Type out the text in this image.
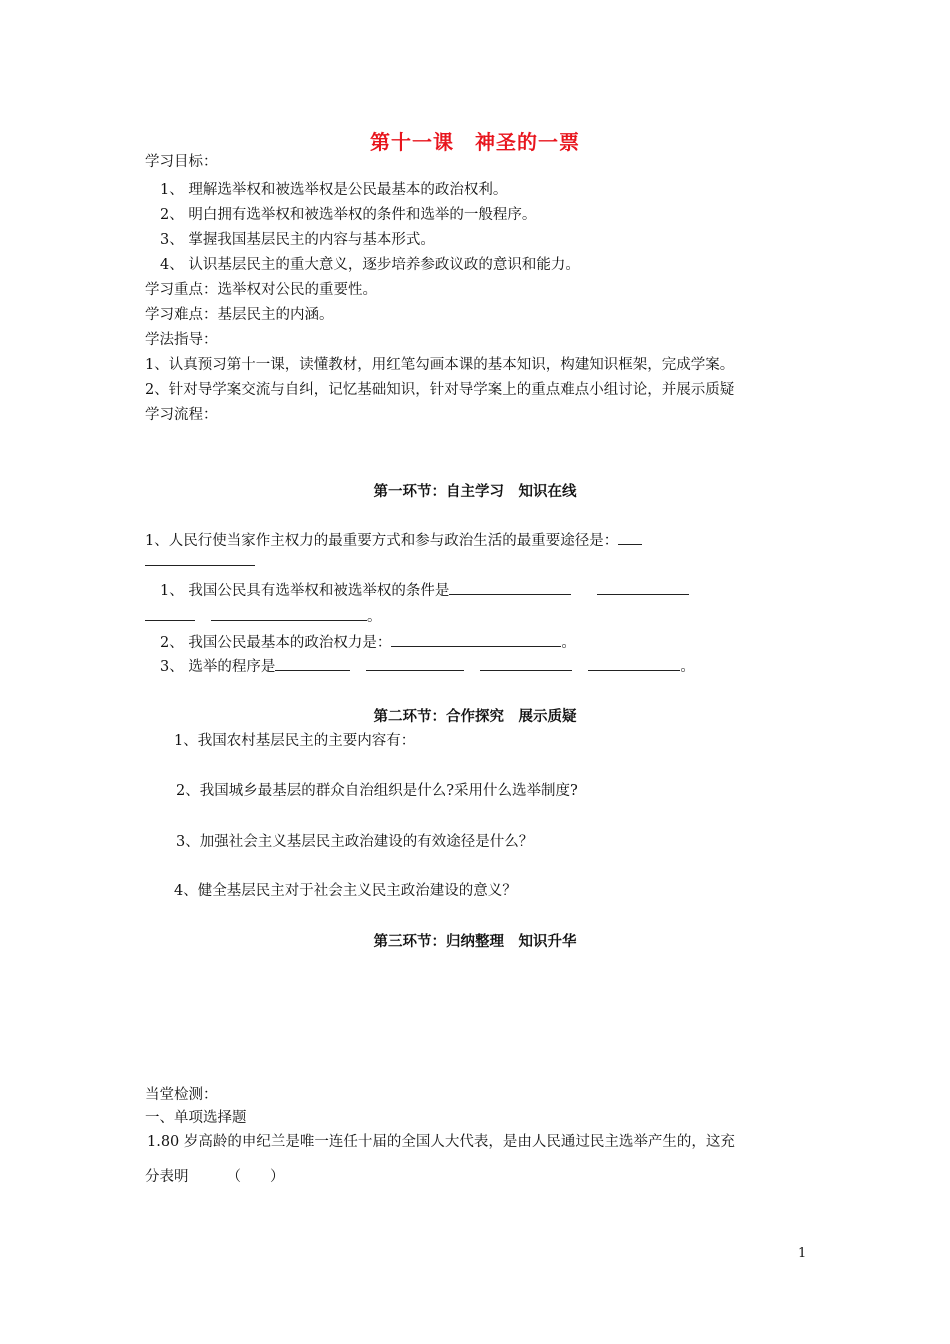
第十一课　神圣的一票
学习目标：
1、 理解选举权和被选举权是公民最基本的政治权利。
2、 明白拥有选举权和被选举权的条件和选举的一般程序。
3、 掌握我国基层民主的内容与基本形式。
4、 认识基层民主的重大意义，逐步培养参政议政的意识和能力。
学习重点：选举权对公民的重要性。
学习难点：基层民主的内涵。
学法指导：
1、认真预习第十一课，读懂教材，用红笔勾画本课的基本知识，构建知识框架，完成学案。
2、针对导学案交流与自纠，记忆基础知识，针对导学案上的重点难点小组讨论，并展示质疑
学习流程：
第一环节：自主学习　知识在线
1、人民行使当家作主权力的最重要方式和参与政治生活的最重要途径是：
1、 我国公民具有选举权和被选举权的条件是
。
2、 我国公民最基本的政治权力是：	。
3、 选举的程序是	。
第二环节：合作探究　展示质疑
1、我国农村基层民主的主要内容有：
2、我国城乡最基层的群众自治组织是什么?采用什么选举制度?
3、加强社会主义基层民主政治建设的有效途径是什么？
4、健全基层民主对于社会主义民主政治建设的意义？
第三环节：归纳整理　知识升华
当堂检测：
一、单项选择题
1.80 岁高龄的申纪兰是唯一连任十届的全国人大代表，是由人民通过民主选举产生的，这充
分表明	（　　）
1
